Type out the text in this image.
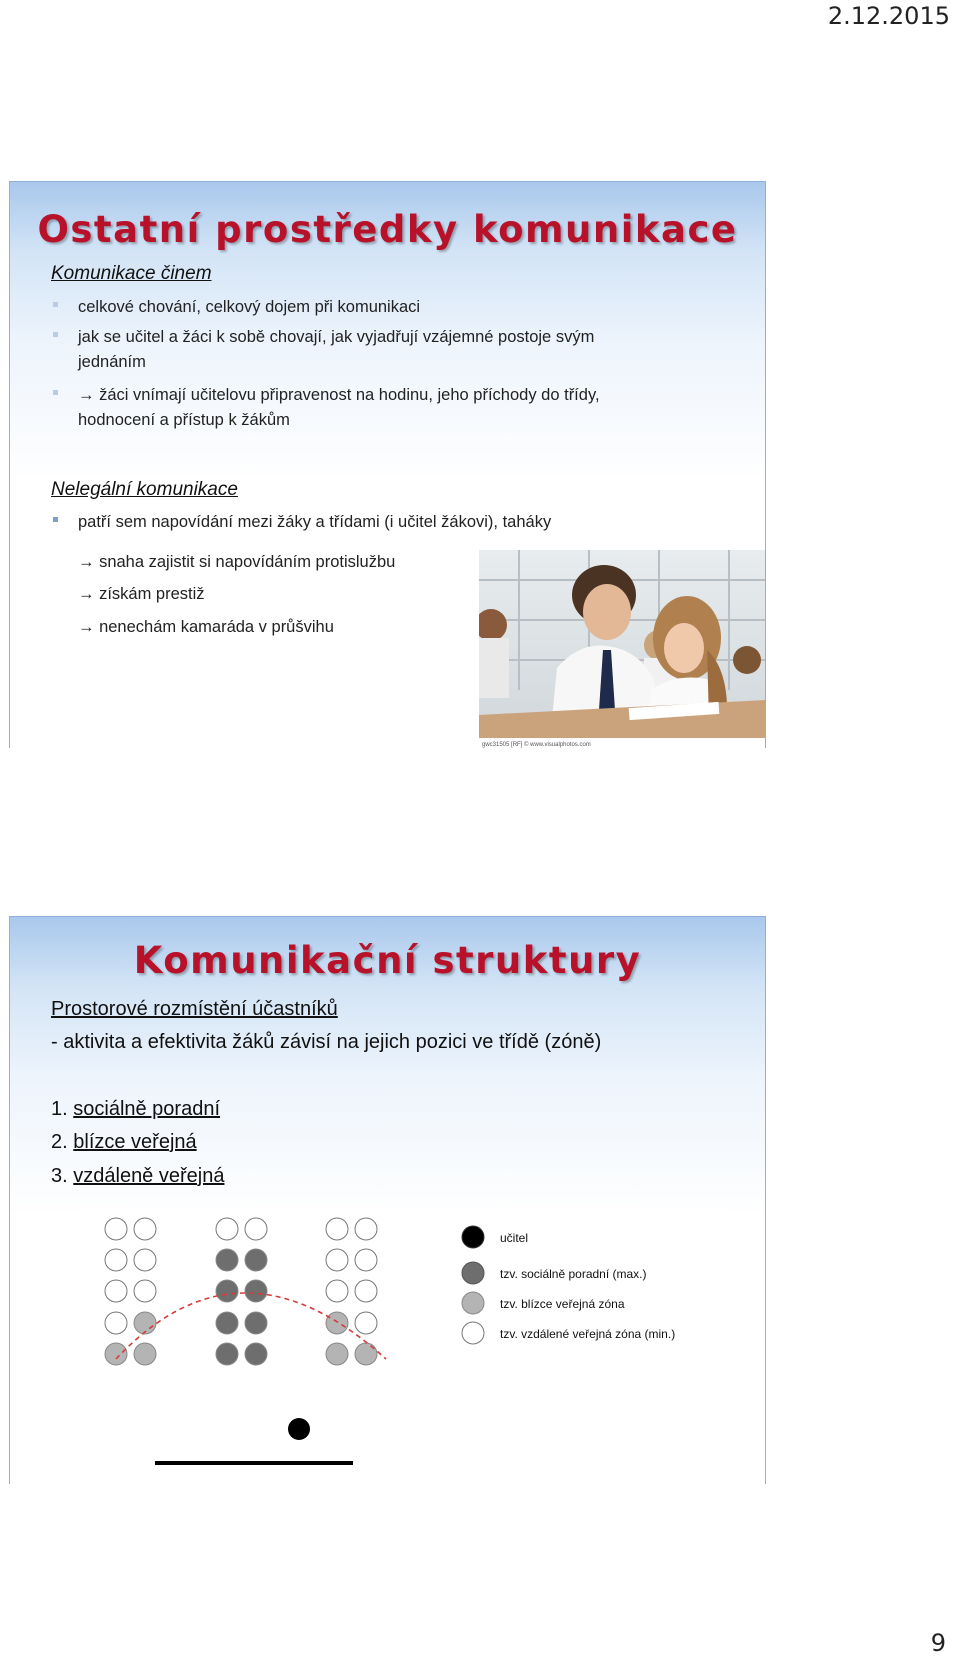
2.12.2015
Ostatní prostředky komunikace
Komunikace činem
celkové chování, celkový dojem při komunikaci
jak se učitel a žáci k sobě chovají, jak vyjadřují vzájemné postoje svým
jednáním
→ žáci vnímají učitelovu připravenost na hodinu, jeho příchody do třídy,
hodnocení a přístup k žákům
Nelegální komunikace
patří sem napovídání mezi žáky a třídami (i učitel žákovi), taháky
→ snaha zajistit si napovídáním protislužbu
→ získám prestiž
→ nenechám kamaráda v průšvihu
gwc31505 [RF] © www.visualphotos.com
Komunikační struktury
Prostorové rozmístění účastníků
- aktivita a efektivita žáků závisí na jejich pozici ve třídě (zóně)
1. sociálně poradní
2. blízce veřejná
3. vzdáleně veřejná
učitel
tzv. sociálně poradní (max.)
tzv. blízce veřejná zóna
tzv. vzdálené veřejná zóna (min.)
9
